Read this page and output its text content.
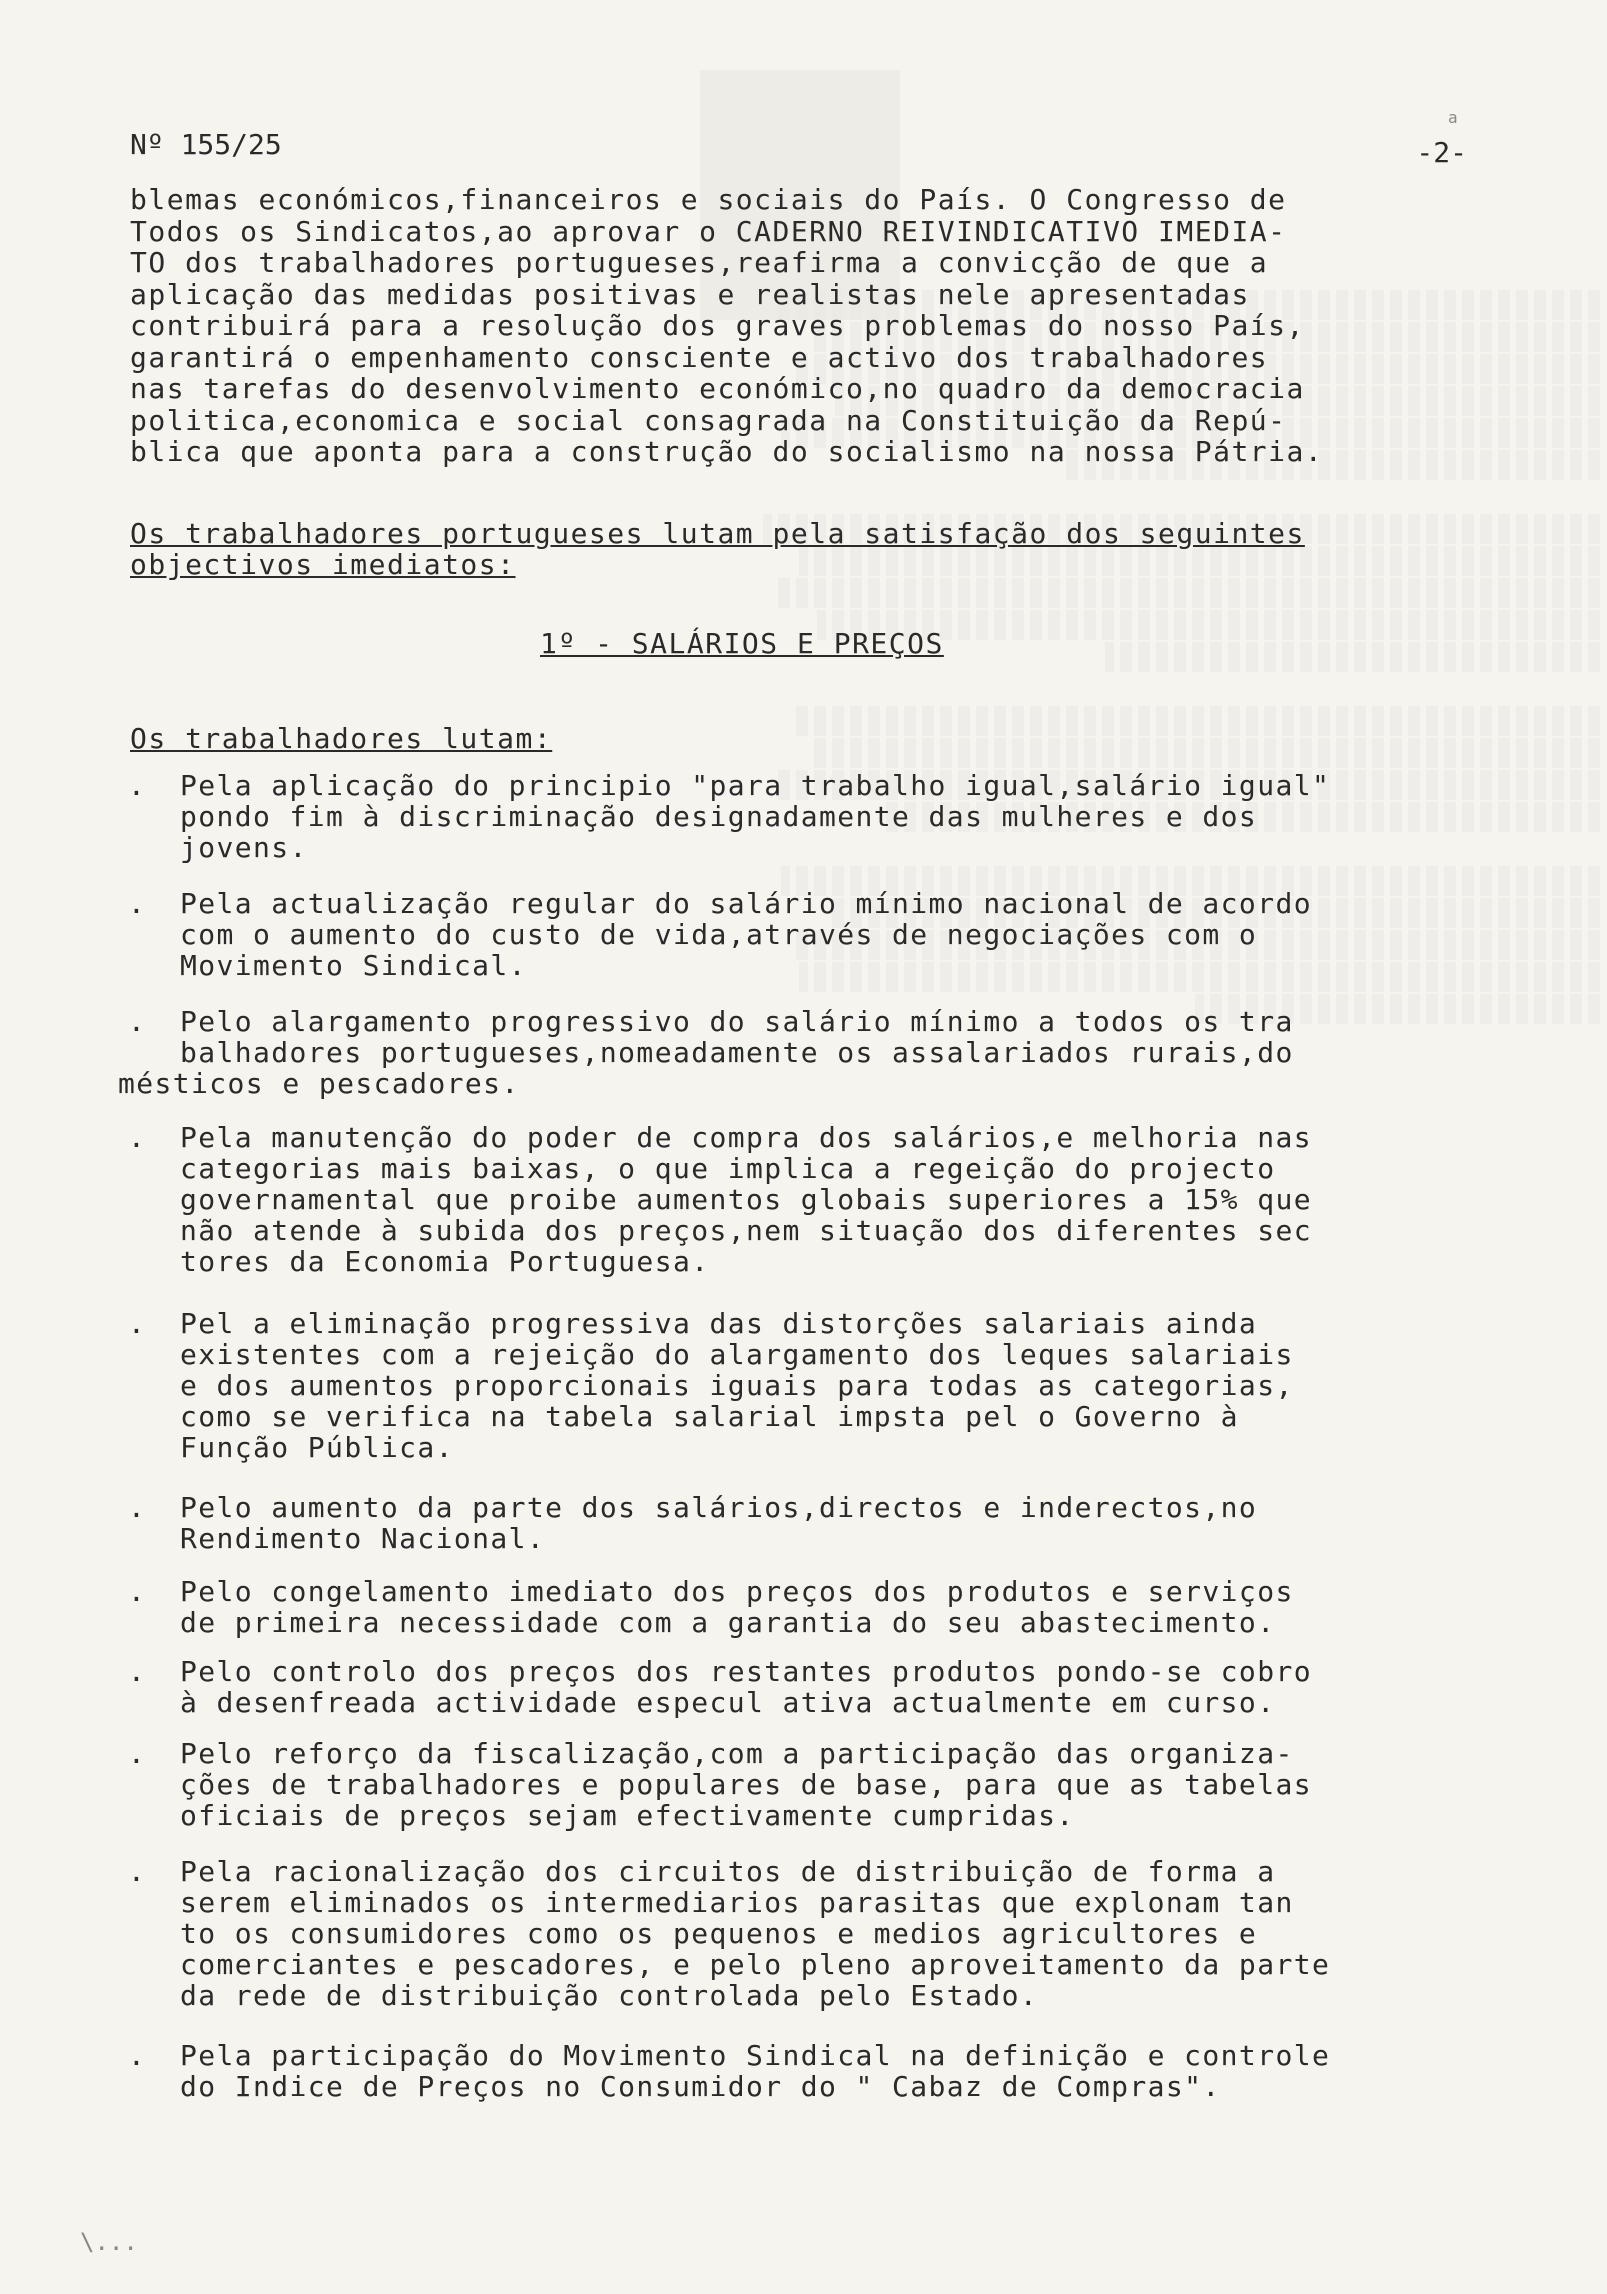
a
Nº 155/25	-2-
blemas económicos,financeiros e sociais do País. O Congresso de
Todos os Sindicatos,ao aprovar o CADERNO REIVINDICATIVO IMEDIA-
TO dos trabalhadores portugueses,reafirma a convicção de que a
aplicação das medidas positivas e realistas nele apresentadas
contribuirá para a resolução dos graves problemas do nosso País,
garantirá o empenhamento consciente e activo dos trabalhadores
nas tarefas do desenvolvimento económico,no quadro da democracia
politica,economica e social consagrada na Constituição da Repú-
blica que aponta para a construção do socialismo na nossa Pátria.
Os trabalhadores portugueses lutam pela satisfação dos seguintes
objectivos imediatos:
1º - SALÁRIOS E PREÇOS
Os trabalhadores lutam:
. Pela aplicação do principio "para trabalho igual,salário igual"
pondo fim à discriminação designadamente das mulheres e dos
jovens.
. Pela actualização regular do salário mínimo nacional de acordo
com o aumento do custo de vida,através de negociações com o
Movimento Sindical.
. Pelo alargamento progressivo do salário mínimo a todos os tra
balhadores portugueses,nomeadamente os assalariados rurais,do
mésticos e pescadores.
. Pela manutenção do poder de compra dos salários,e melhoria nas
categorias mais baixas, o que implica a regeição do projecto
governamental que proibe aumentos globais superiores a 15% que
não atende à subida dos preços,nem situação dos diferentes sec
tores da Economia Portuguesa.
. Pel a eliminação progressiva das distorções salariais ainda
existentes com a rejeição do alargamento dos leques salariais
e dos aumentos proporcionais iguais para todas as categorias,
como se verifica na tabela salarial impsta pel o Governo à
Função Pública.
. Pelo aumento da parte dos salários,directos e inderectos,no
Rendimento Nacional.
. Pelo congelamento imediato dos preços dos produtos e serviços
de primeira necessidade com a garantia do seu abastecimento.
. Pelo controlo dos preços dos restantes produtos pondo-se cobro
à desenfreada actividade especul ativa actualmente em curso.
. Pelo reforço da fiscalização,com a participação das organiza-
ções de trabalhadores e populares de base, para que as tabelas
oficiais de preços sejam efectivamente cumpridas.
. Pela racionalização dos circuitos de distribuição de forma a
serem eliminados os intermediarios parasitas que explonam tan
to os consumidores como os pequenos e medios agricultores e
comerciantes e pescadores, e pelo pleno aproveitamento da parte
da rede de distribuição controlada pelo Estado.
. Pela participação do Movimento Sindical na definição e controle
do Indice de Preços no Consumidor do " Cabaz de Compras".
\...
